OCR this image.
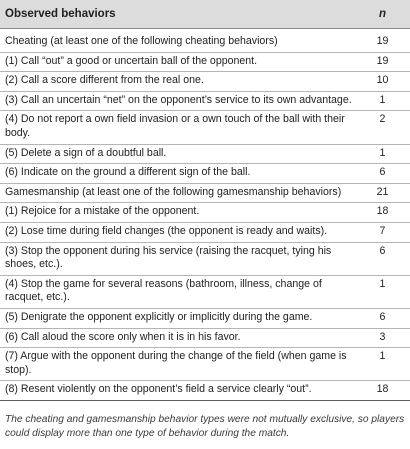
Observed behaviors	n
Cheating (at least one of the following cheating behaviors)	19
(1) Call “out” a good or uncertain ball of the opponent.	19
(2) Call a score different from the real one.	10
(3) Call an uncertain “net” on the opponent’s service to its own advantage.	1
(4) Do not report a own field invasion or a own touch of the ball with their body.	2
(5) Delete a sign of a doubtful ball.	1
(6) Indicate on the ground a different sign of the ball.	6
Gamesmanship (at least one of the following gamesmanship behaviors)	21
(1) Rejoice for a mistake of the opponent.	18
(2) Lose time during field changes (the opponent is ready and waits).	7
(3) Stop the opponent during his service (raising the racquet, tying his shoes, etc.).	6
(4) Stop the game for several reasons (bathroom, illness, change of racquet, etc.).	1
(5) Denigrate the opponent explicitly or implicitly during the game.	6
(6) Call aloud the score only when it is in his favor.	3
(7) Argue with the opponent during the change of the field (when game is stop).	1
(8) Resent violently on the opponent’s field a service clearly “out”.	18
The cheating and gamesmanship behavior types were not mutually exclusive, so players could display more than one type of behavior during the match.
